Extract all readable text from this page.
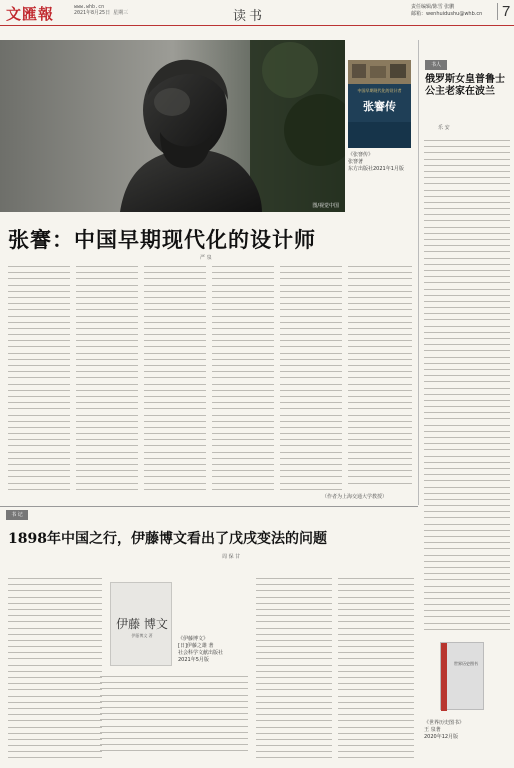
文匯報	www.whb.cn
2021年8月25日 星期三	读书
责任编辑/陈雪 张鹏
邮箱：wenhuidushu@whb.cn	7
图/视觉中国
中国早期现代化的设计者
张謇传
《张謇传》
张謇著
东方出版社2021年1月版
书人
俄罗斯女皇普鲁士公主老家在波兰
乐 安
世界历史图书
《世界历史图书》
王 泉著
2020年12月版
张謇：中国早期现代化的设计师
严 泉
（作者为上海交通大学教授）
书 记
1898年中国之行，伊藤博文看出了戊戌变法的问题
周 保 甘
伊藤 博文
伊藤博文 著
《伊藤博文》
[日]伊藤之雄 著
社会科学文献出版社
2021年5月版
